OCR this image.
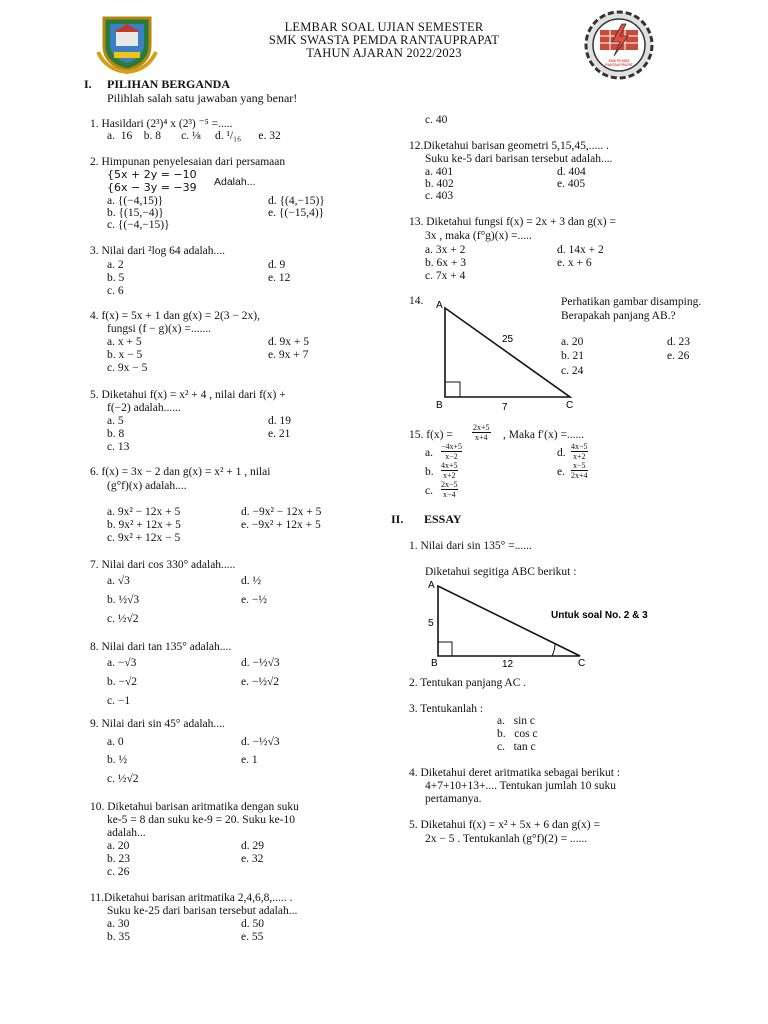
LEMBAR SOAL UJIAN SEMESTER
SMK SWASTA PEMDA RANTAUPRAPAT
TAHUN AJARAN 2022/2023
SMK PEMDA RANTAUPRAPAT
I. PILIHAN BERGANDA
Pilihlah salah satu jawaban yang benar!
1. Hasildari (2³)⁴ x (2³) ⁻⁵ =.....
a.  16    b. 8       c. ⅛     d. ¹/₁₆      e. 32
2. Himpunan penyelesaian dari persamaan
{5x + 2y = −10
{6x − 3y = −39 Adalah...
a. {(−4,15)}	d. {(4,−15)}
b. {(15,−4)}	e. {(−15,4)}
c. {(−4,−15)}
3. Nilai dari ²log 64 adalah....
a. 2	d. 9
b. 5	e. 12
c. 6
4. f(x) = 5x + 1 dan g(x) = 2(3 − 2x),
fungsi (f − g)(x) =.......
a. x + 5	d. 9x + 5
b. x − 5	e. 9x + 7
c. 9x − 5
5. Diketahui f(x) = x² + 4 , nilai dari f(x) +
f(−2) adalah......
a. 5	d. 19
b. 8	e. 21
c. 13
6. f(x) = 3x − 2 dan g(x) = x² + 1 , nilai
(g°f)(x) adalah....
a. 9x² − 12x + 5	d. −9x² − 12x + 5
b. 9x² + 12x + 5	e. −9x² + 12x + 5
c. 9x² + 12x − 5
7. Nilai dari cos 330° adalah.....
a. √3	d. ½
b. ½√3	e. −½
c. ½√2
8. Nilai dari tan 135° adalah....
a. −√3	d. −½√3
b. −√2	e. −½√2
c. −1
9. Nilai dari sin 45° adalah....
a. 0	d. −½√3
b. ½	e. 1
c. ½√2
10. Diketahui barisan aritmatika dengan suku
ke-5 = 8 dan suku ke-9 = 20. Suku ke-10
adalah...
a. 20	d. 29
b. 23	e. 32
c. 26
11.Diketahui barisan aritmatika 2,4,6,8,..... .
Suku ke-25 dari barisan tersebut adalah...
a. 30	d. 50
b. 35	e. 55
c. 40
12.Diketahui barisan geometri 5,15,45,..... .
Suku ke-5 dari barisan tersebut adalah....
a. 401	d. 404
b. 402	e. 405
c. 403
13. Diketahui fungsi f(x) = 2x + 3 dan g(x) =
3x , maka (f°g)(x) =.....
a. 3x + 2	d. 14x + 2
b. 6x + 3	e. x + 6
c. 7x + 4
14. A
B	C
25
7
Perhatikan gambar disamping.
Berapakah panjang AB.?
a. 20	d. 23
b. 21	e. 26
c. 24
15. $f(x) = \frac{2x+5}{x+4}$ , Maka f′(x) =......
a. $\frac{-4x+5}{x-2}$	d. $\frac{4x-5}{x+2}$
b. $\frac{4x+5}{x+2}$	e. $\frac{x-5}{2x+4}$
c. $\frac{2x-5}{x-4}$
II. ESSAY
1. Nilai dari sin 135° =......
Diketahui segitiga ABC berikut :
A
B	C
5
12
Untuk soal No. 2 & 3
2. Tentukan panjang AC .
3. Tentukanlah :
a.   sin c
b.   cos c
c.   tan c
4. Diketahui deret aritmatika sebagai berikut :
4+7+10+13+.... Tentukan jumlah 10 suku
pertamanya.
5. Diketahui f(x) = x² + 5x + 6 dan g(x) =
2x − 5 . Tentukanlah (g°f)(2) = ......
